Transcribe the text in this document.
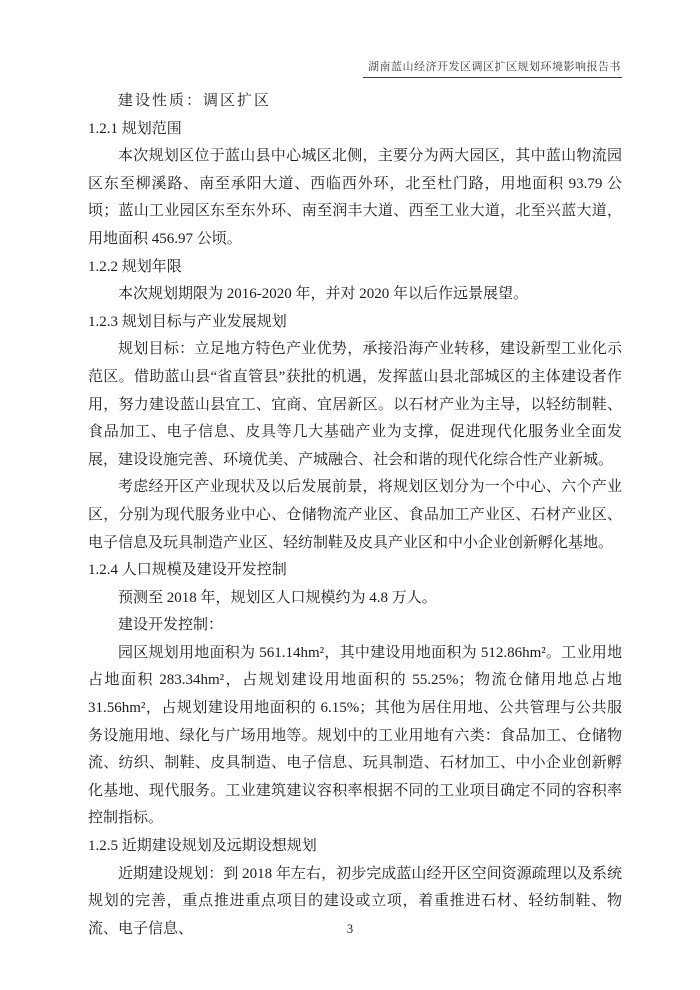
湖南蓝山经济开发区调区扩区规划环境影响报告书

建设性质：调区扩区

1.2.1 规划范围

本次规划区位于蓝山县中心城区北侧，主要分为两大园区，其中蓝山物流园区东至柳溪路、南至承阳大道、西临西外环，北至杜门路，用地面积 93.79 公顷；蓝山工业园区东至东外环、南至润丰大道、西至工业大道，北至兴蓝大道，用地面积 456.97 公顷。

1.2.2 规划年限

本次规划期限为 2016-2020 年，并对 2020 年以后作远景展望。

1.2.3 规划目标与产业发展规划

规划目标：立足地方特色产业优势，承接沿海产业转移，建设新型工业化示范区。借助蓝山县“省直管县”获批的机遇，发挥蓝山县北部城区的主体建设者作用，努力建设蓝山县宜工、宜商、宜居新区。以石材产业为主导，以轻纺制鞋、食品加工、电子信息、皮具等几大基础产业为支撑，促进现代化服务业全面发展，建设设施完善、环境优美、产城融合、社会和谐的现代化综合性产业新城。

考虑经开区产业现状及以后发展前景，将规划区划分为一个中心、六个产业区，分别为现代服务业中心、仓储物流产业区、食品加工产业区、石材产业区、电子信息及玩具制造产业区、轻纺制鞋及皮具产业区和中小企业创新孵化基地。

1.2.4 人口规模及建设开发控制

预测至 2018 年，规划区人口规模约为 4.8 万人。

建设开发控制：

园区规划用地面积为 561.14hm²，其中建设用地面积为 512.86hm²。工业用地占地面积 283.34hm²，占规划建设用地面积的 55.25%；物流仓储用地总占地 31.56hm²，占规划建设用地面积的 6.15%；其他为居住用地、公共管理与公共服务设施用地、绿化与广场用地等。规划中的工业用地有六类：食品加工、仓储物流、纺织、制鞋、皮具制造、电子信息、玩具制造、石材加工、中小企业创新孵化基地、现代服务。工业建筑建议容积率根据不同的工业项目确定不同的容积率控制指标。

1.2.5 近期建设规划及远期设想规划

近期建设规划：到 2018 年左右，初步完成蓝山经开区空间资源疏理以及系统规划的完善，重点推进重点项目的建设或立项，着重推进石材、轻纺制鞋、物流、电子信息、	3
